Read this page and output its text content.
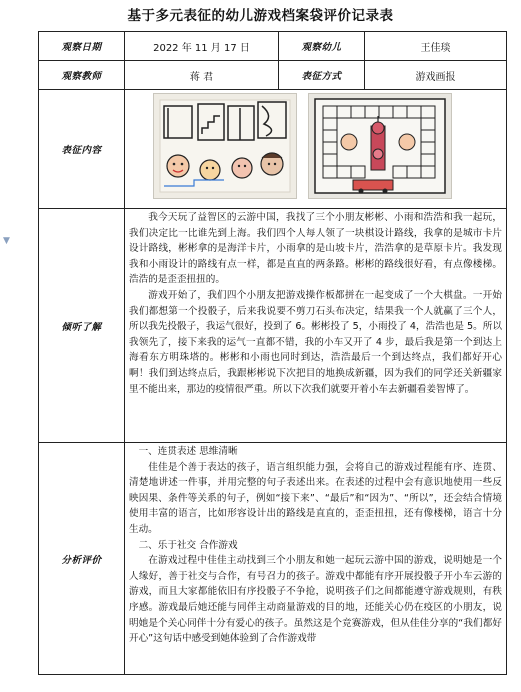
基于多元表征的幼儿游戏档案袋评价记录表
▼
观察日期	2022 年 11 月 17 日	观察幼儿	王佳琰
观察教师	蒋 君	表征方式	游戏画报
表征内容	

倾听了解	我今天玩了益智区的云游中国，我找了三个小朋友彬彬、小雨和浩浩和我一起玩，我们决定比一比谁先到上海。我们四个人每人领了一块棋设计路线，我拿的是城市卡片设计路线，彬彬拿的是海洋卡片，小雨拿的是山坡卡片，浩浩拿的是草原卡片。我发现我和小雨设计的路线有点一样，都是直直的两条路。彬彬的路线很好看，有点像楼梯。浩浩的是歪歪扭扭的。

游戏开始了，我们四个小朋友把游戏操作板都拼在一起变成了一个大棋盘。一开始我们都想第一个投骰子，后来我说要不剪刀石头布决定，结果我一个人就赢了三个人，所以我先投骰子，我运气很好，投到了 6。彬彬投了 5，小雨投了 4，浩浩也是 5。所以我领先了，接下来我的运气一直都不错，我的小车又开了 4 步，最后我是第一个到达上海看东方明珠塔的。彬彬和小雨也同时到达，浩浩最后一个到达终点，我们都好开心啊！我们到达终点后，我跟彬彬说下次把目的地换成新疆，因为我们的同学还关新疆家里不能出来，那边的疫情很严重。所以下次我们就要开着小车去新疆看姜智博了。		

分析评价	一、连贯表述 思维清晰

佳佳是个善于表达的孩子，语言组织能力强，会将自己的游戏过程能有序、连贯、清楚地讲述一件事，并用完整的句子表述出来。在表述的过程中会有意识地使用一些反映因果、条件等关系的句子，例如“接下来”、“最后”和“因为”、“所以”，还会结合情境使用丰富的语言，比如形容设计出的路线是直直的，歪歪扭扭，还有像楼梯，语言十分生动。

二、乐于社交 合作游戏

在游戏过程中佳佳主动找到三个小朋友和她一起玩云游中国的游戏，说明她是一个人缘好，善于社交与合作，有号召力的孩子。游戏中都能有序开展投骰子开小车云游的游戏，而且大家都能依旧有序投骰子不争抢，说明孩子们之间都能遵守游戏规则，有秩序感。游戏最后她还能与同伴主动商量游戏的目的地，还能关心仍在疫区的小朋友，说明她是个关心同伴十分有爱心的孩子。虽然这是个竞赛游戏，但从佳佳分享的“我们都好开心”这句话中感受到她体验到了合作游戏带		
